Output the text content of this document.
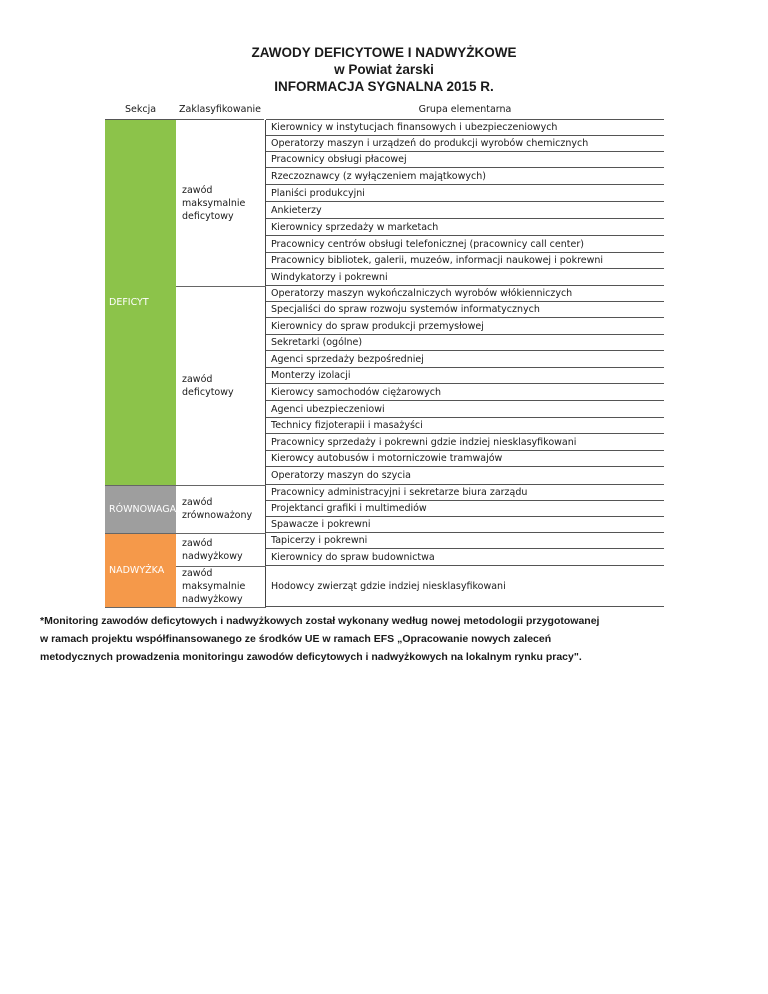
ZAWODY DEFICYTOWE I NADWYŻKOWE
w Powiat żarski
INFORMACJA SYGNALNA 2015 R.
Sekcja	Zaklasyfikowanie	Grupa elementarna
DEFICYT
RÓWNOWAGA
NADWYŻKA
zawód
maksymalnie
deficytowy
zawód deficytowy
zawód
zrównoważony
zawód
nadwyżkowy
zawód
maksymalnie
nadwyżkowy
Kierownicy w instytucjach finansowych i ubezpieczeniowych
Operatorzy maszyn i urządzeń do produkcji wyrobów chemicznych
Pracownicy obsługi płacowej
Rzeczoznawcy (z wyłączeniem majątkowych)
Planiści produkcyjni
Ankieterzy
Kierownicy sprzedaży w marketach
Pracownicy centrów obsługi telefonicznej (pracownicy call center)
Pracownicy bibliotek, galerii, muzeów, informacji naukowej i pokrewni
Windykatorzy i pokrewni
Operatorzy maszyn wykończalniczych wyrobów włókienniczych
Specjaliści do spraw rozwoju systemów informatycznych
Kierownicy do spraw produkcji przemysłowej
Sekretarki (ogólne)
Agenci sprzedaży bezpośredniej
Monterzy izolacji
Kierowcy samochodów ciężarowych
Agenci ubezpieczeniowi
Technicy fizjoterapii i masażyści
Pracownicy sprzedaży i pokrewni gdzie indziej niesklasyfikowani
Kierowcy autobusów i motorniczowie tramwajów
Operatorzy maszyn do szycia
Pracownicy administracyjni i sekretarze biura zarządu
Projektanci grafiki i multimediów
Spawacze i pokrewni
Tapicerzy i pokrewni
Kierownicy do spraw budownictwa
Hodowcy zwierząt gdzie indziej niesklasyfikowani
*Monitoring zawodów deficytowych i nadwyżkowych został wykonany według nowej metodologii przygotowanej
w ramach projektu współfinansowanego ze środków UE w ramach EFS „Opracowanie nowych zaleceń
metodycznych prowadzenia monitoringu zawodów deficytowych i nadwyżkowych na lokalnym rynku pracy".
